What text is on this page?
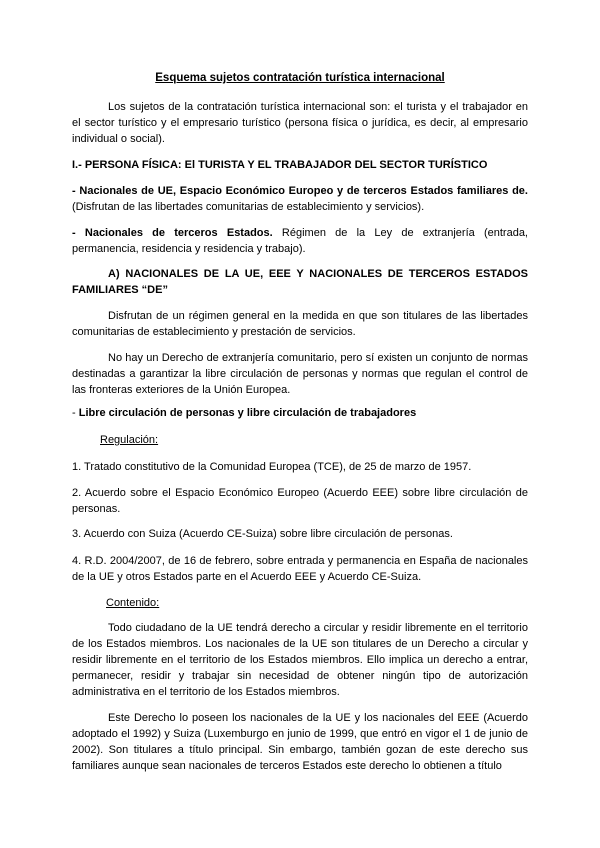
Esquema sujetos contratación turística internacional
Los sujetos de la contratación turística internacional son: el turista y el trabajador en el sector turístico y el empresario turístico (persona física o jurídica, es decir, al empresario individual o social).
I.- PERSONA FÍSICA: El TURISTA Y EL TRABAJADOR DEL SECTOR TURÍSTICO
- Nacionales de UE, Espacio Económico Europeo y de terceros Estados familiares de. (Disfrutan de las libertades comunitarias de establecimiento y servicios).
- Nacionales de terceros Estados. Régimen de la Ley de extranjería (entrada, permanencia, residencia y residencia y trabajo).
A) NACIONALES DE LA UE, EEE Y NACIONALES DE TERCEROS ESTADOS FAMILIARES “DE”
Disfrutan de un régimen general en la medida en que son titulares de las libertades comunitarias de establecimiento y prestación de servicios.
No hay un Derecho de extranjería comunitario, pero sí existen un conjunto de normas destinadas a garantizar la libre circulación de personas y normas que regulan el control de las fronteras exteriores de la Unión Europea.
- Libre circulación de personas y libre circulación de trabajadores
Regulación:
1. Tratado constitutivo de la Comunidad Europea (TCE), de 25 de marzo de 1957.
2. Acuerdo sobre el Espacio Económico Europeo (Acuerdo EEE) sobre libre circulación de personas.
3. Acuerdo con Suiza (Acuerdo CE-Suiza) sobre libre circulación de personas.
4. R.D. 2004/2007, de 16 de febrero, sobre entrada y permanencia en España de nacionales de la UE y otros Estados parte en el Acuerdo EEE y Acuerdo CE-Suiza.
Contenido:
Todo ciudadano de la UE tendrá derecho a circular y residir libremente en el territorio de los Estados miembros. Los nacionales de la UE son titulares de un Derecho a circular y residir libremente en el territorio de los Estados miembros. Ello implica un derecho a entrar, permanecer, residir y trabajar sin necesidad de obtener ningún tipo de autorización administrativa en el territorio de los Estados miembros.
Este Derecho lo poseen los nacionales de la UE y los nacionales del EEE (Acuerdo adoptado el 1992) y Suiza (Luxemburgo en junio de 1999, que entró en vigor el 1 de junio de 2002). Son titulares a título principal. Sin embargo, también gozan de este derecho sus familiares aunque sean nacionales de terceros Estados este derecho lo obtienen a título
